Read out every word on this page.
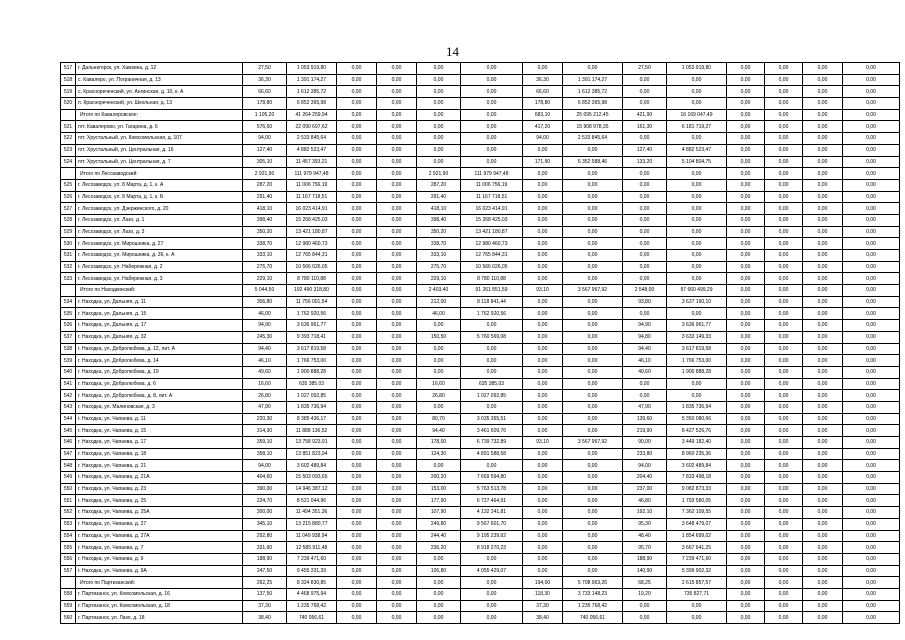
14
517	г. Дальнегорск, ул. Хамзина, д. 12	27,50	1 053 919,80	0,00	0,00	0,00	0,00	0,00	0,00	27,50	1 053 919,80	0,00	0,00	0,00	0,00
518	с. Кавалеро, ул. Пограничная, д. 13	36,30	1 391 174,27	0,00	0,00	0,00	0,00	36,30	1 391 174,27	0,00	0,00	0,00	0,00	0,00	0,00
519	с. Краснореченский, ул. Ангинская, д. 10, к. А	66,60	1 612 385,72	0,00	0,00	0,00	0,00	66,60	1 612 385,72	0,00	0,00	0,00	0,00	0,00	0,00
520	п. Краснореченский, ул. Школьная, д. 13	178,80	6 852 365,98	0,00	0,00	0,00	0,00	178,80	6 852 365,98	0,00	0,00	0,00	0,00	0,00	0,00
	Итого по Кавалеровское:	1 105,20	41 264 259,94	0,00	0,00	0,00	0,00	683,10	25 095 212,45	421,90	16 169 047,49	0,00	0,00	0,00	0,00
521	пгт. Кавалерово, ул. Гагарина, д. 6	576,50	22 090 697,62	0,00	0,00	0,00	0,00	417,20	15 908 978,35	161,30	6 181 719,27	0,00	0,00	0,00	0,00
522	пгт. Хрустальный, ул. Комсомольская, д. 107	94,00	2 533 845,64	0,00	0,00	0,00	0,00	94,00	2 533 845,64	0,00	0,00	0,00	0,00	0,00	0,00
523	пгт. Хрустальный, ул. Центральная, д. 16	127,40	4 882 523,47	0,00	0,00	0,00	0,00	0,00	0,00	127,40	4 882 523,47	0,00	0,00	0,00	0,00
524	пгт. Хрустальный, ул. Центральная, д. 7	305,10	11 457 393,21	0,00	0,00	0,00	0,00	171,90	6 352 588,46	133,20	5 104 804,75	0,00	0,00	0,00	0,00
	Итого по Лесозаводский:	2 921,90	111 979 947,48	0,00	0,00	2 921,90	111 979 947,48	0,00	0,00	0,00	0,00	0,00	0,00	0,00	0,00
525	г. Лесозаводск, ул. 8 Марта, д. 1, к. А	287,20	11 006 756,19	0,00	0,00	287,20	11 006 756,19	0,00	0,00	0,00	0,00	0,00	0,00	0,00	0,00
526	г. Лесозаводск, ул. 8 Марта, д. 1, к. Б	291,40	11 167 718,51	0,00	0,00	291,40	11 167 718,51	0,00	0,00	0,00	0,00	0,00	0,00	0,00	0,00
527	г. Лесозаводск, ул. Дзержинского, д. 20	418,10	16 023 414,91	0,00	0,00	418,10	16 023 414,91	0,00	0,00	0,00	0,00	0,00	0,00	0,00	0,00
528	г. Лесозаводск, ул. Лазо, д. 1	398,40	15 268 425,03	0,00	0,00	398,40	15 268 425,03	0,00	0,00	0,00	0,00	0,00	0,00	0,00	0,00
529	г. Лесозаводск, ул. Лазо, д. 3	350,20	13 421 180,87	0,00	0,00	350,20	13 421 180,87	0,00	0,00	0,00	0,00	0,00	0,00	0,00	0,00
530	г. Лесозаводск, ул. Мирошника, д. 27	338,70	12 980 460,73	0,00	0,00	338,70	12 980 460,73	0,00	0,00	0,00	0,00	0,00	0,00	0,00	0,00
531	г. Лесозаводск, ул. Мирошника, д. 36, к. А	333,10	12 765 844,31	0,00	0,00	333,10	12 765 844,31	0,00	0,00	0,00	0,00	0,00	0,00	0,00	0,00
532	г. Лесозаводск, ул. Набережная, д. 2	275,70	10 566 026,05	0,00	0,00	275,70	10 566 026,05	0,00	0,00	0,00	0,00	0,00	0,00	0,00	0,00
533	г. Лесозаводск, ул. Набережная, д. 3	229,10	8 780 110,88	0,00	0,00	229,10	8 780 110,88	0,00	0,00	0,00	0,00	0,00	0,00	0,00	0,00
	Итого по Находкинский:	5 044,50	192 490 318,80	0,00	0,00	2 403,40	91 261 851,59	93,10	3 567 967,92	2 548,00	97 660 499,29	0,00	0,00	0,00	0,00
534	г. Находка, ул. Дальняя, д. 11	306,80	11 756 001,54	0,00	0,00	212,00	8 118 841,44	0,00	0,00	93,80	3 637 160,10	0,00	0,00	0,00	0,00
535	г. Находка, ул. Дальняя, д. 15	46,00	1 762 920,56	0,00	0,00	46,00	1 762 920,56	0,00	0,00	0,00	0,00	0,00	0,00	0,00	0,00
536	г. Находка, ул. Дальняя, д. 17	94,90	3 636 961,77	0,00	0,00	0,00	0,00	0,00	0,00	94,90	3 636 961,77	0,00	0,00	0,00	0,00
537	г. Находка, ул. Дальняя, д. 32	245,30	9 393 718,41	0,00	0,00	150,50	5 760 569,08	0,00	0,00	94,80	3 633 149,33	0,00	0,00	0,00	0,00
538	г. Находка, ул. Добролюбова, д. 12, лит. А	94,40	3 617 819,58	0,00	0,00	0,00	0,00	0,00	0,00	94,40	3 617 819,58	0,00	0,00	0,00	0,00
539	г. Находка, ул. Добролюбова, д. 14	46,10	1 766 753,00	0,00	0,00	0,00	0,00	0,00	0,00	46,10	1 766 753,00	0,00	0,00	0,00	0,00
540	г. Находка, ул. Добролюбова, д. 19	49,60	1 900 888,28	0,00	0,00	0,00	0,00	0,00	0,00	49,60	1 900 888,28	0,00	0,00	0,00	0,00
541	г. Находка, ул. Добролюбова, д. 6	16,60	635 385,03	0,00	0,00	16,60	635 385,03	0,00	0,00	0,00	0,00	0,00	0,00	0,00	0,00
542	г. Находка, ул. Добролюбова, д. 8, лит. А	26,80	1 027 092,85	0,00	0,00	26,80	1 027 092,85	0,00	0,00	0,00	0,00	0,00	0,00	0,00	0,00
543	г. Находка, ул. Малиновская, д. 3	47,90	1 835 736,94	0,00	0,00	0,00	0,00	0,00	0,00	47,90	1 835 736,94	0,00	0,00	0,00	0,00
544	г. Находка, ул. Чапаева, д. 11	220,30	8 385 436,17	0,00	0,00	80,70	3 035 355,51	0,00	0,00	139,60	5 350 080,66	0,00	0,00	0,00	0,00
545	г. Находка, ул. Чапаева, д. 15	314,30	11 888 136,52	0,00	0,00	94,40	3 461 609,76	0,00	0,00	219,90	8 427 526,76	0,00	0,00	0,00	0,00
546	г. Находка, ул. Чапаева, д. 17	359,10	13 758 923,91	0,00	0,00	178,00	6 739 732,89	93,10	3 567 967,92	90,00	3 449 182,40	0,00	0,00	0,00	0,00
547	г. Находка, ул. Чапаева, д. 18	358,10	13 851 823,94	0,00	0,00	124,30	4 891 588,58	0,00	0,00	233,80	8 960 235,36	0,00	0,00	0,00	0,00
548	г. Находка, ул. Чапаева, д. 21	94,00	3 602 489,84	0,00	0,00	0,00	0,00	0,00	0,00	94,00	3 602 489,84	0,00	0,00	0,00	0,00
549	г. Находка, ул. Чапаева, д. 21А	404,60	15 503 093,65	0,00	0,00	200,20	7 669 594,80	0,00	0,00	204,40	7 833 498,18	0,00	0,00	0,00	0,00
550	г. Находка, ул. Чапаева, д. 23	390,00	14 946 387,12	0,00	0,00	153,00	5 763 513,78	0,00	0,00	237,00	9 082 873,33	0,00	0,00	0,00	0,00
551	г. Находка, ул. Чапаева, д. 25	224,70	8 521 044,96	0,00	0,00	177,90	6 727 464,91	0,00	0,00	46,80	1 793 580,05	0,00	0,00	0,00	0,00
552	г. Находка, ул. Чапаева, д. 25А	300,00	11 494 351,36	0,00	0,00	107,90	4 132 241,81	0,00	0,00	192,10	7 362 109,55	0,00	0,00	0,00	0,00
553	г. Находка, ул. Чапаева, д. 27	345,10	13 215 880,77	0,00	0,00	249,80	9 567 601,70	0,00	0,00	95,30	3 648 479,07	0,00	0,00	0,00	0,00
554	г. Находка, ул. Чапаева, д. 27А	292,80	11 049 938,94	0,00	0,00	244,40	9 195 239,92	0,00	0,00	48,40	1 854 699,02	0,00	0,00	0,00	0,00
555	г. Находка, ул. Чапаева, д. 7	331,90	12 585 911,48	0,00	0,00	236,20	8 918 270,23	0,00	0,00	95,70	3 667 641,25	0,00	0,00	0,00	0,00
556	г. Находка, ул. Чапаева, д. 9	188,90	7 239 471,60	0,00	0,00	0,00	0,00	0,00	0,00	188,90	7 239 471,60	0,00	0,00	0,00	0,00
557	г. Находка, ул. Чапаева, д. 9А	247,50	9 455 331,39	0,00	0,00	106,80	4 055 429,07	0,00	0,00	140,90	5 399 902,32	0,00	0,00	0,00	0,00
	Итого по Партизанский:	262,25	8 324 830,85	0,00	0,00	0,00	0,00	194,00	5 708 963,26	68,25	2 615 857,57	0,00	0,00	0,00	0,00
558	г. Партизанск, ул. Комсомольская, д. 16	137,50	4 468 975,94	0,00	0,00	0,00	0,00	118,30	3 733 148,23	19,20	735 827,71	0,00	0,00	0,00	0,00
559	г. Партизанск, ул. Комсомольская, д. 18	37,30	1 235 768,42	0,00	0,00	0,00	0,00	37,30	1 235 768,42	0,00	0,00	0,00	0,00	0,00	0,00
560	г. Партизанск, ул. Лазо, д. 18	38,40	740 056,61	0,00	0,00	0,00	0,00	38,40	740 056,61	0,00	0,00	0,00	0,00	0,00	0,00
